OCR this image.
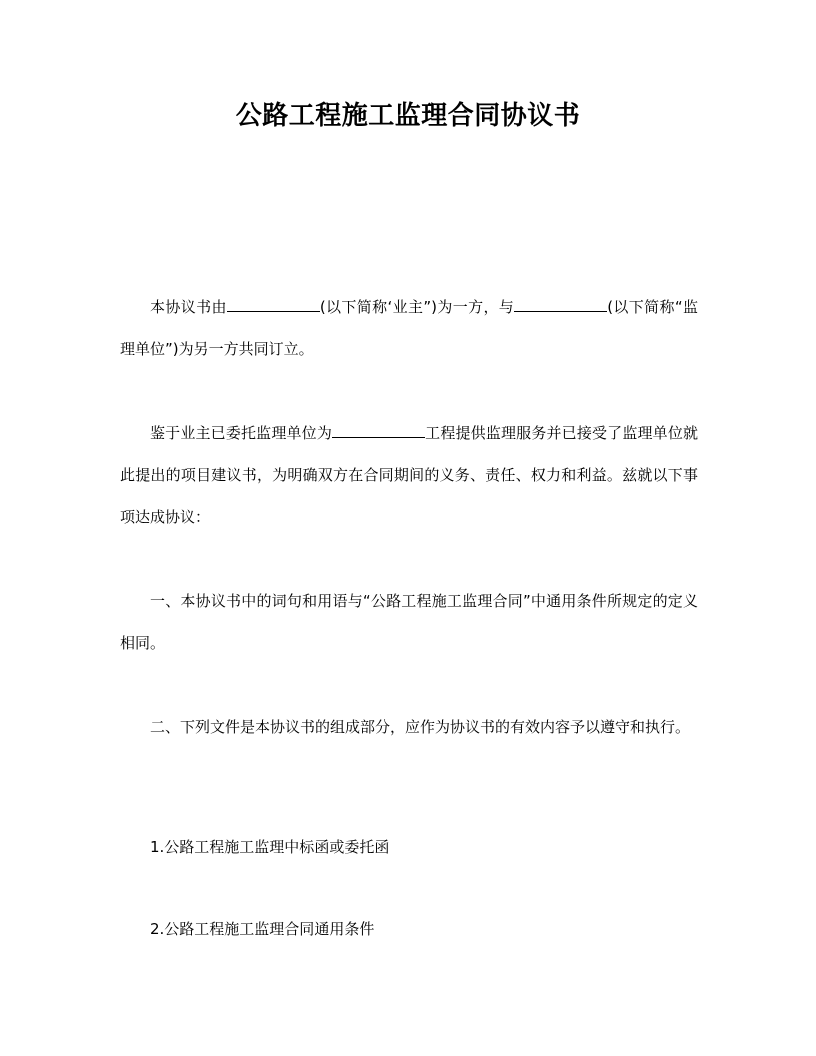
公路工程施工监理合同协议书

本协议书由	(以下简称‘业主”)为一方，与	(以下简称“监理单位”)为另一方共同订立。

鉴于业主已委托监理单位为	工程提供监理服务并已接受了监理单位就此提出的项目建议书，为明确双方在合同期间的义务、责任、权力和利益。兹就以下事项达成协议：

一、本协议书中的词句和用语与“公路工程施工监理合同”中通用条件所规定的定义相同。

二、下列文件是本协议书的组成部分，应作为协议书的有效内容予以遵守和执行。

1.公路工程施工监理中标函或委托函

2.公路工程施工监理合同通用条件
